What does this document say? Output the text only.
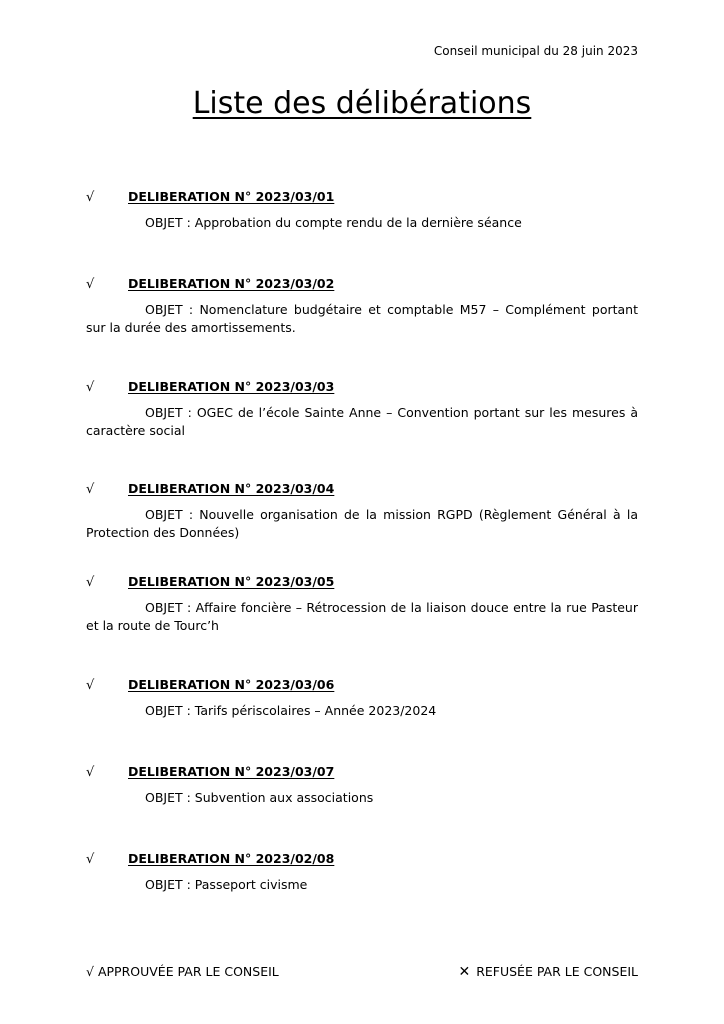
Conseil municipal du 28 juin 2023
Liste des délibérations
√	DELIBERATION N° 2023/03/01
OBJET : Approbation du compte rendu de la dernière séance
√	DELIBERATION N° 2023/03/02
OBJET : Nomenclature budgétaire et comptable M57 – Complément portant sur la durée des amortissements.
√	DELIBERATION N° 2023/03/03
OBJET : OGEC de l’école Sainte Anne – Convention portant sur les mesures à caractère social
√	DELIBERATION N° 2023/03/04
OBJET : Nouvelle organisation de la mission RGPD (Règlement Général à la Protection des Données)
√	DELIBERATION N° 2023/03/05
OBJET : Affaire foncière – Rétrocession de la liaison douce entre la rue Pasteur et la route de Tourc’h
√	DELIBERATION N° 2023/03/06
OBJET : Tarifs périscolaires – Année 2023/2024
√	DELIBERATION N° 2023/03/07
OBJET : Subvention aux associations
√	DELIBERATION N° 2023/02/08
OBJET : Passeport civisme
√ APPROUVÉE PAR LE CONSEIL	✕ REFUSÉE PAR LE CONSEIL
